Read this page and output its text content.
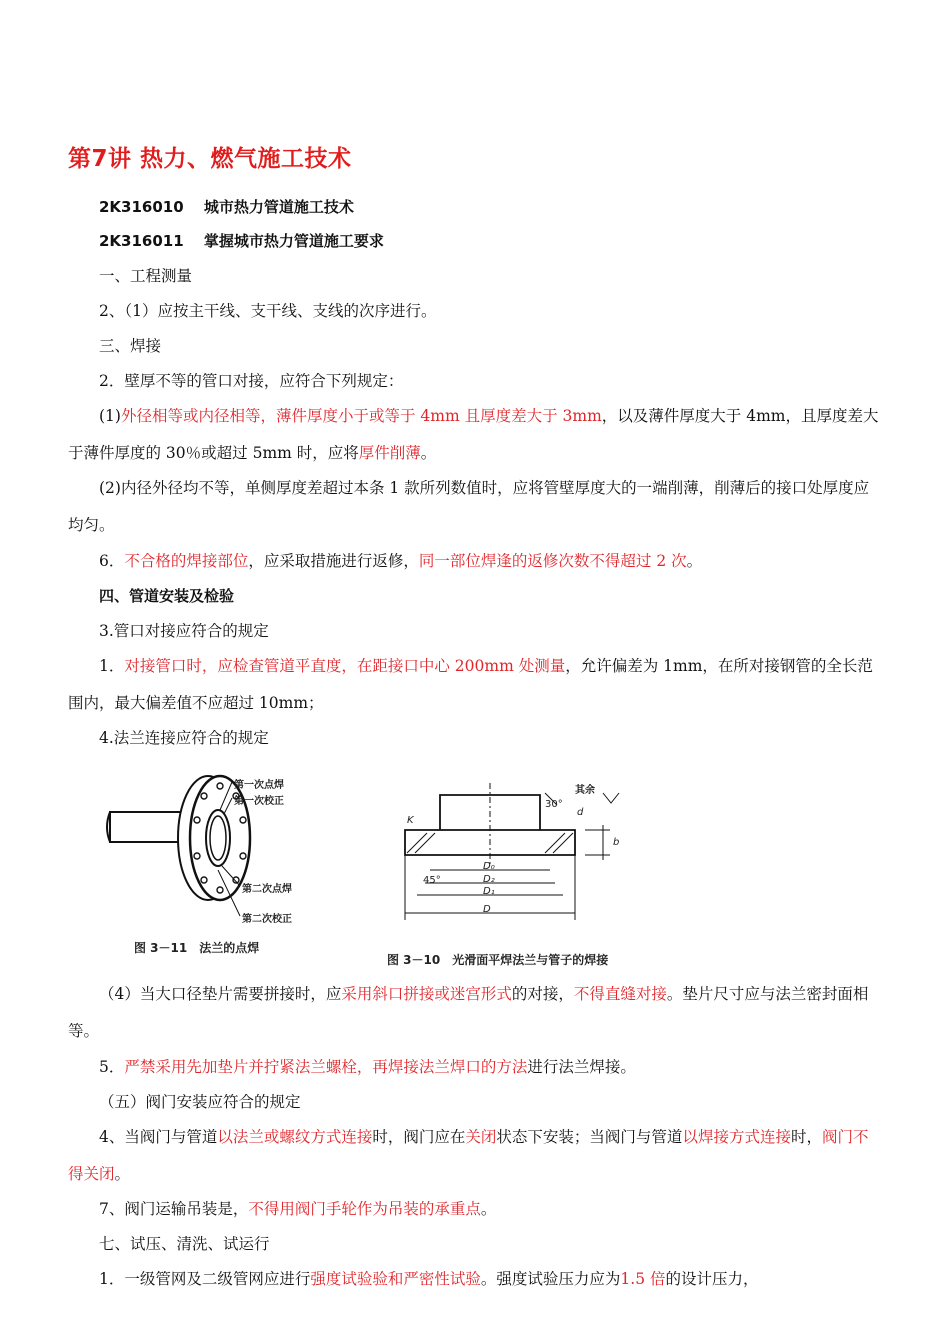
第7讲 热力、燃气施工技术

2K316010　 城市热力管道施工技术

2K316011　 掌握城市热力管道施工要求

一、工程测量

2、（1）应按主干线、支干线、支线的次序进行。

三、焊接

2．壁厚不等的管口对接，应符合下列规定：

(1)外径相等或内径相等，薄件厚度小于或等于 4mm 且厚度差大于 3mm，以及薄件厚度大于 4mm，且厚度差大于薄件厚度的 30％或超过 5mm 时，应将厚件削薄。

(2)内径外径均不等，单侧厚度差超过本条 1 款所列数值时，应将管壁厚度大的一端削薄，削薄后的接口处厚度应均匀。

6．不合格的焊接部位，应采取措施进行返修，同一部位焊逢的返修次数不得超过 2 次。

四、管道安装及检验

3.管口对接应符合的规定

1．对接管口时，应检查管道平直度，在距接口中心 200mm 处测量，允许偏差为 1mm，在所对接钢管的全长范围内，最大偏差值不应超过 10mm；

4.法兰连接应符合的规定

第一次点焊
第一次校正
第二次点焊
第二次校正
图 3－11　法兰的点焊
其余
30°
45°
d
D₀
D₂
D₁
D
b
K
图 3－10　光滑面平焊法兰与管子的焊接

（4）当大口径垫片需要拼接时，应采用斜口拼接或迷宫形式的对接，不得直缝对接。垫片尺寸应与法兰密封面相等。

5．严禁采用先加垫片并拧紧法兰螺栓，再焊接法兰焊口的方法进行法兰焊接。

（五）阀门安装应符合的规定

4、当阀门与管道以法兰或螺纹方式连接时，阀门应在关闭状态下安装；当阀门与管道以焊接方式连接时，阀门不得关闭。

7、阀门运输吊装是，不得用阀门手轮作为吊装的承重点。

七、试压、清洗、试运行

1．一级管网及二级管网应进行强度试验验和严密性试验。强度试验压力应为1.5 倍的设计压力，
